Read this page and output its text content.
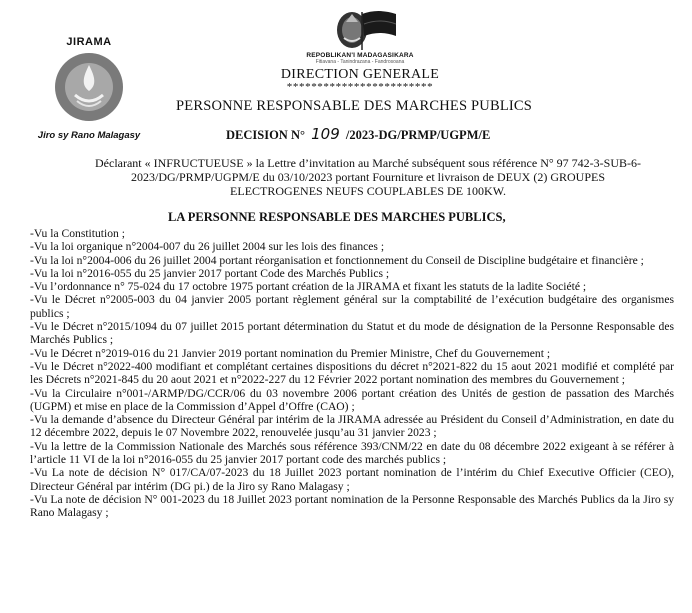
JIRAMA
Jiro sy Rano Malagasy
REPOBLIKAN'I MADAGASIKARA
Fitiavana - Tanindrazana - Fandrosoana
DIRECTION GENERALE
************************
PERSONNE RESPONSABLE DES MARCHES PUBLICS
DECISION N° 109 /2023-DG/PRMP/UGPM/E
Déclarant « INFRUCTUEUSE » la Lettre d’invitation au Marché subséquent sous référence N° 97 742-3-SUB-6-2023/DG/PRMP/UGPM/E du 03/10/2023 portant Fourniture et livraison de DEUX (2) GROUPES ELECTROGENES NEUFS COUPLABLES DE 100KW.
LA PERSONNE RESPONSABLE DES MARCHES PUBLICS,

-Vu la Constitution ;

-Vu la loi organique n°2004-007 du 26 juillet 2004 sur les lois des finances ;

-Vu la loi n°2004-006 du 26 juillet 2004 portant réorganisation et fonctionnement du Conseil de Discipline budgétaire et financière ;

-Vu la loi n°2016-055 du 25 janvier 2017 portant Code des Marchés Publics ;

-Vu l’ordonnance n° 75-024 du 17 octobre 1975 portant création de la JIRAMA et fixant les statuts de la ladite Société ;

-Vu le Décret n°2005-003 du 04 janvier 2005 portant règlement général sur la comptabilité de l’exécution budgétaire des organismes publics ;

-Vu le Décret n°2015/1094 du 07 juillet 2015 portant détermination du Statut et du mode de désignation de la Personne Responsable des Marchés Publics ;

-Vu le Décret n°2019-016 du 21 Janvier 2019 portant nomination du Premier Ministre, Chef du Gouvernement ;

-Vu le Décret n°2022-400 modifiant et complétant certaines dispositions du décret n°2021-822 du 15 aout 2021 modifié et complété par les Décrets n°2021-845 du 20 aout 2021 et n°2022-227 du 12 Février 2022 portant nomination des membres du Gouvernement ;

-Vu la Circulaire n°001-/ARMP/DG/CCR/06 du 03 novembre 2006 portant création des Unités de gestion de passation des Marchés (UGPM) et mise en place de la Commission d’Appel d’Offre (CAO) ;

-Vu la demande d’absence du Directeur Général par intérim de la JIRAMA adressée au Président du Conseil d’Administration, en date du 12 décembre 2022, depuis le 07 Novembre 2022, renouvelée jusqu’au 31 janvier 2023 ;

-Vu la lettre de la Commission Nationale des Marchés sous référence 393/CNM/22 en date du 08 décembre 2022 exigeant à se référer à l’article 11 VI de la loi n°2016-055 du 25 janvier 2017 portant code des marchés publics ;

-Vu La note de décision N° 017/CA/07-2023 du 18 Juillet 2023 portant nomination de l’intérim du Chief Executive Officier (CEO), Directeur Général par intérim (DG pi.) de la Jiro sy Rano Malagasy ;

-Vu La note de décision N° 001-2023 du 18 Juillet 2023 portant nomination de la Personne Responsable des Marchés Publics da la Jiro sy Rano Malagasy ;
